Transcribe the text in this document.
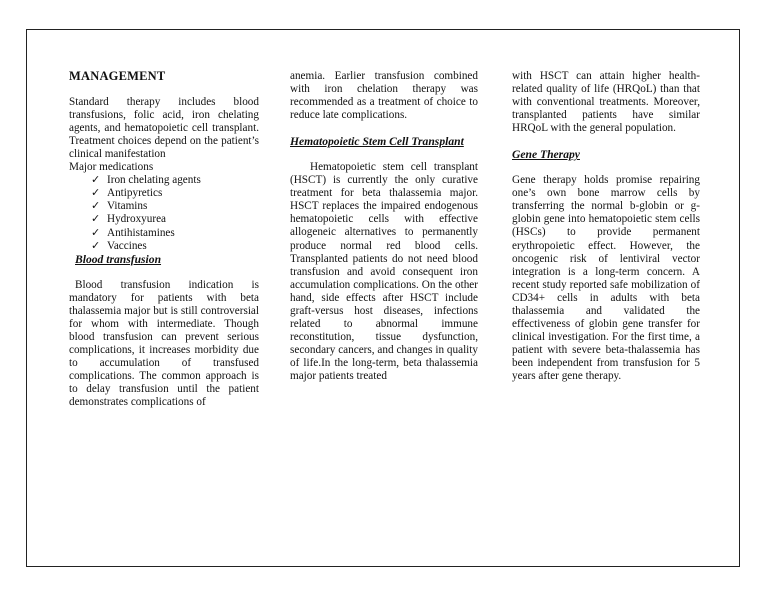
MANAGEMENT

Standard therapy includes blood transfusions, folic acid, iron chelating agents, and hematopoietic cell transplant. Treatment choices depend on the patient’s clinical manifestation

Major medications

✓ Iron chelating agents
✓ Antipyretics
✓ Vitamins
✓ Hydroxyurea
✓ Antihistamines
✓ Vaccines
Blood transfusion

Blood transfusion indication is mandatory for patients with beta thalassemia major but is still controversial for whom with intermediate. Though blood transfusion can prevent serious complications, it increases morbidity due to accumulation of transfused complications. The common approach is to delay transfusion until the patient demonstrates complications of

anemia. Earlier transfusion combined with iron chelation therapy was recommended as a treatment of choice to reduce late complications.

Hematopoietic Stem Cell Transplant

Hematopoietic stem cell transplant (HSCT) is currently the only curative treatment for beta thalassemia major. HSCT replaces the impaired endogenous hematopoietic cells with effective allogeneic alternatives to permanently produce normal red blood cells. Transplanted patients do not need blood transfusion and avoid consequent iron accumulation complications. On the other hand, side effects after HSCT include graft-versus host diseases, infections related to abnormal immune reconstitution, tissue dysfunction, secondary cancers, and changes in quality of life.In the long-term, beta thalassemia major patients treated

with HSCT can attain higher health-related quality of life (HRQoL) than that with conventional treatments. Moreover, transplanted patients have similar HRQoL with the general population.

Gene Therapy

Gene therapy holds promise repairing one’s own bone marrow cells by transferring the normal b-globin or g-globin gene into hematopoietic stem cells (HSCs) to provide permanent erythropoietic effect. However, the oncogenic risk of lentiviral vector integration is a long-term concern. A recent study reported safe mobilization of CD34+ cells in adults with beta thalassemia and validated the effectiveness of globin gene transfer for clinical investigation. For the first time, a patient with severe beta-thalassemia has been independent from transfusion for 5 years after gene therapy.
